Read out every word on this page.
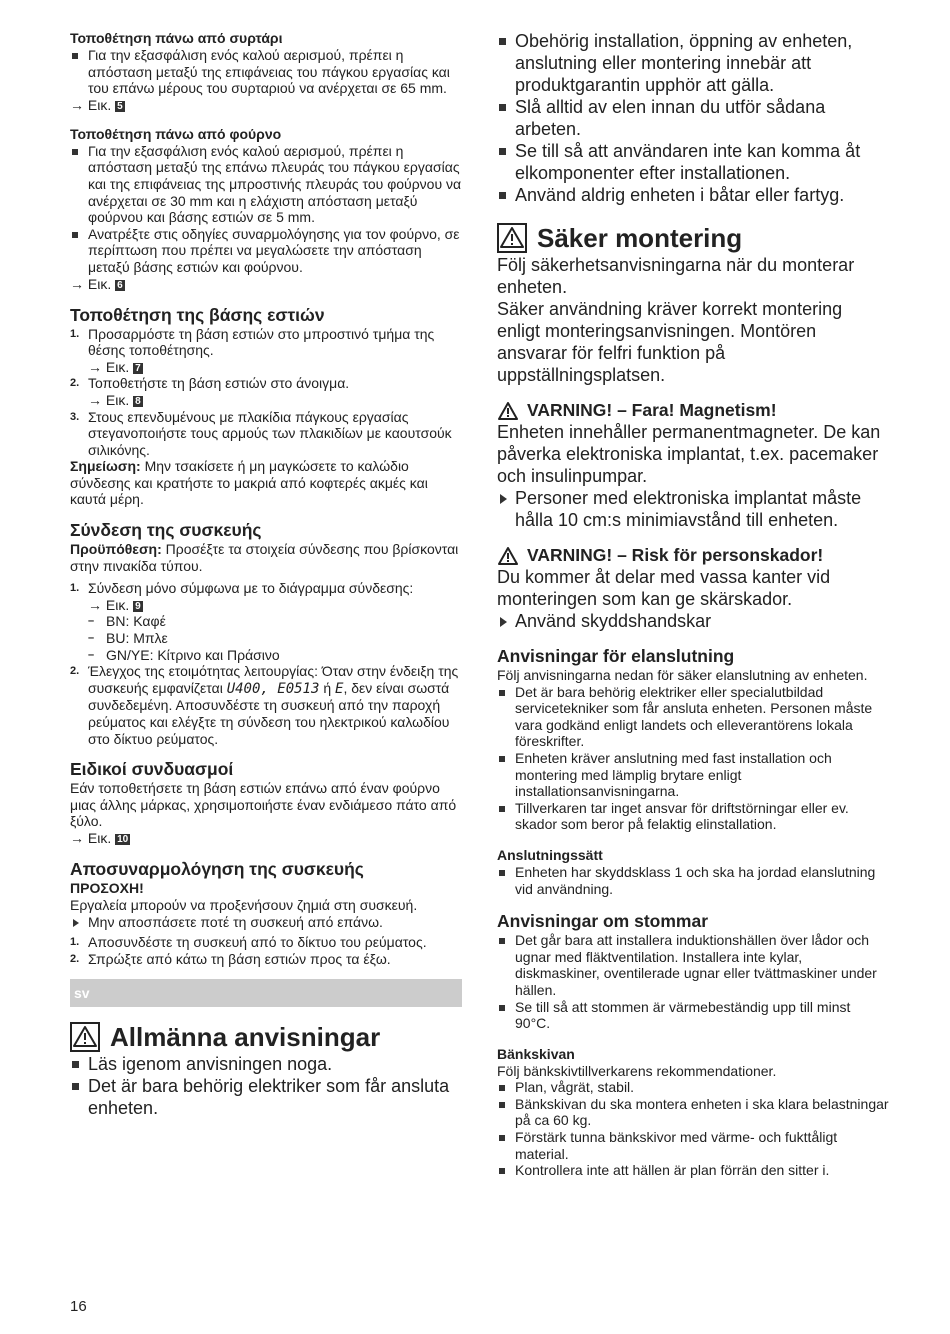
Τοποθέτηση πάνω από συρτάρι

Για την εξασφάλιση ενός καλού αερισμού, πρέπει η απόσταση μεταξύ της επιφάνειας του πάγκου εργασίας και του επάνω μέρους του συρταριού να ανέρχεται σε 65 mm.

→ Εικ. 5

Τοποθέτηση πάνω από φούρνο

Για την εξασφάλιση ενός καλού αερισμού, πρέπει η απόσταση μεταξύ της επάνω πλευράς του πάγκου εργασίας και της επιφάνειας της μπροστινής πλευράς του φούρνου να ανέρχεται σε 30 mm και η ελάχιστη απόσταση μεταξύ φούρνου και βάσης εστιών σε 5 mm.
Ανατρέξτε στις οδηγίες συναρμολόγησης για τον φούρνο, σε περίπτωση που πρέπει να μεγαλώσετε την απόσταση μεταξύ βάσης εστιών και φούρνου.

→ Εικ. 6

Τοποθέτηση της βάσης εστιών

1. Προσαρμόστε τη βάση εστιών στο μπροστινό τμήμα της θέσης τοποθέτησης.
→ Εικ. 7
2. Τοποθετήστε τη βάση εστιών στο άνοιγμα.
→ Εικ. 8
3. Στους επενδυμένους με πλακίδια πάγκους εργασίας στεγανοποιήστε τους αρμούς των πλακιδίων με καουτσούκ σιλικόνης.

Σημείωση: Μην τσακίσετε ή μη μαγκώσετε το καλώδιο σύνδεσης και κρατήστε το μακριά από κοφτερές ακμές και καυτά μέρη.

Σύνδεση της συσκευής

Προϋπόθεση: Προσέξτε τα στοιχεία σύνδεσης που βρίσκονται στην πινακίδα τύπου.

1. Σύνδεση μόνο σύμφωνα με το διάγραμμα σύνδεσης:
→ Εικ. 9
– BN: Καφέ
– BU: Μπλε
– GN/YE: Κίτρινο και Πράσινο
2. Έλεγχος της ετοιμότητας λειτουργίας: Όταν στην ένδειξη της συσκευής εμφανίζεται U400, E0513 ή E, δεν είναι σωστά συνδεδεμένη. Αποσυνδέστε τη συσκευή από την παροχή ρεύματος και ελέγξτε τη σύνδεση του ηλεκτρικού καλωδίου στο δίκτυο ρεύματος.

Ειδικοί συνδυασμοί

Εάν τοποθετήσετε τη βάση εστιών επάνω από έναν φούρνο μιας άλλης μάρκας, χρησιμοποιήστε έναν ενδιάμεσο πάτο από ξύλο.

→ Εικ. 10

Αποσυναρμολόγηση της συσκευής

ΠΡΟΣΟΧΗ!

Εργαλεία μπορούν να προξενήσουν ζημιά στη συσκευή.

Μην αποσπάσετε ποτέ τη συσκευή από επάνω.
1. Αποσυνδέστε τη συσκευή από το δίκτυο του ρεύματος.
2. Σπρώξτε από κάτω τη βάση εστιών προς τα έξω.
sv

Allmänna anvisningar

Läs igenom anvisningen noga.
Det är bara behörig elektriker som får ansluta enheten.
Obehörig installation, öppning av enheten, anslutning eller montering innebär att produktgarantin upphör att gälla.
Slå alltid av elen innan du utför sådana arbeten.
Se till så att användaren inte kan komma åt elkomponenter efter installationen.
Använd aldrig enheten i båtar eller fartyg.

Säker montering

Följ säkerhetsanvisningarna när du monterar enheten.

Säker användning kräver korrekt montering enligt monteringsanvisningen. Montören ansvarar för felfri funktion på uppställningsplatsen.

VARNING! – Fara! Magnetism!

Enheten innehåller permanentmagneter. De kan påverka elektroniska implantat, t.ex. pacemaker och insulinpumpar.

Personer med elektroniska implantat måste hålla 10 cm:s minimiavstånd till enheten.

VARNING! – Risk för personskador!

Du kommer åt delar med vassa kanter vid monteringen som kan ge skärskador.

Använd skyddshandskar

Anvisningar för elanslutning

Följ anvisningarna nedan för säker elanslutning av enheten.

Det är bara behörig elektriker eller specialutbildad servicetekniker som får ansluta enheten. Personen måste vara godkänd enligt landets och elleverantörens lokala föreskrifter.
Enheten kräver anslutning med fast installation och montering med lämplig brytare enligt installationsanvisningarna.
Tillverkaren tar inget ansvar för driftstörningar eller ev. skador som beror på felaktig elinstallation.

Anslutningssätt

Enheten har skyddsklass 1 och ska ha jordad elanslutning vid användning.

Anvisningar om stommar

Det går bara att installera induktionshällen över lådor och ugnar med fläktventilation. Installera inte kylar, diskmaskiner, oventilerade ugnar eller tvättmaskiner under hällen.
Se till så att stommen är värmebeständig upp till minst 90°C.

Bänkskivan

Följ bänkskivtillverkarens rekommendationer.

Plan, vågrät, stabil.
Bänkskivan du ska montera enheten i ska klara belastningar på ca 60 kg.
Förstärk tunna bänkskivor med värme- och fukttåligt material.
Kontrollera inte att hällen är plan förrän den sitter i.
16
